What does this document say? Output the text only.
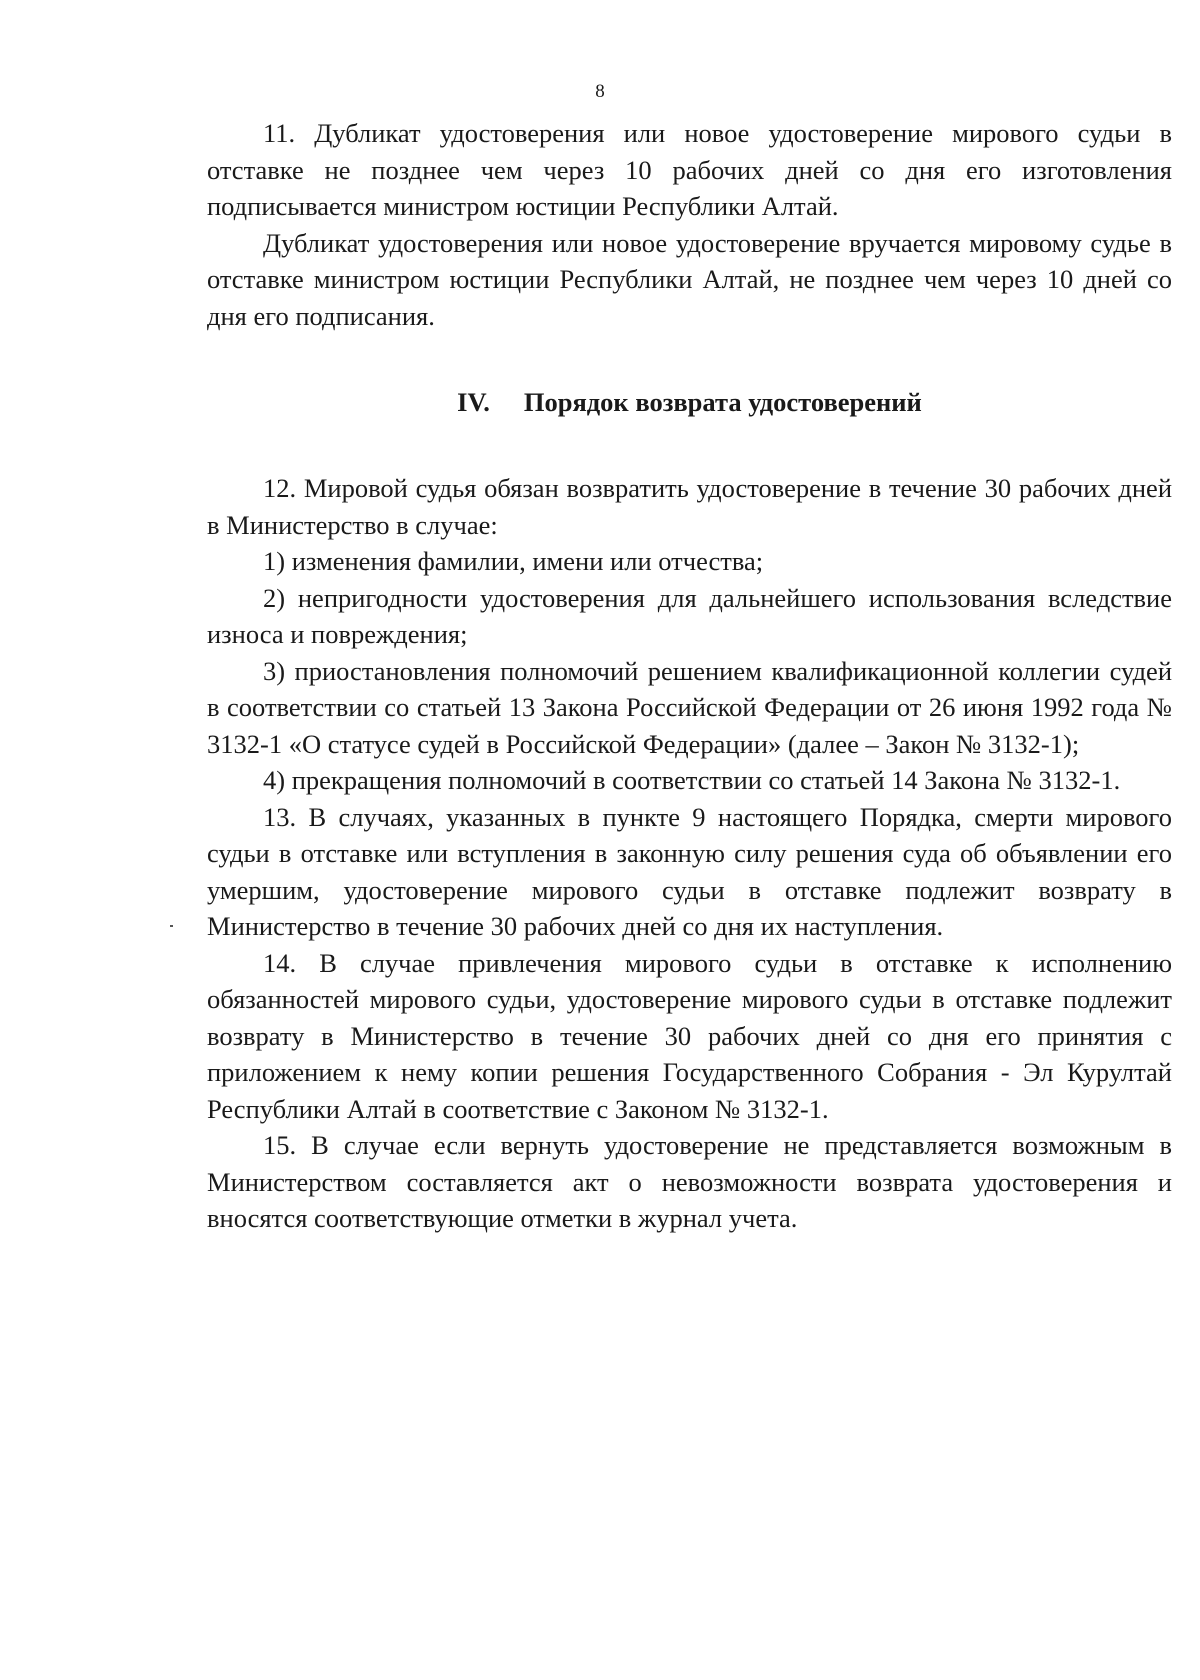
8

11. Дубликат удостоверения или новое удостоверение мирового судьи в отставке не позднее чем через 10 рабочих дней со дня его изготовления подписывается министром юстиции Республики Алтай.

Дубликат удостоверения или новое удостоверение вручается мировому судье в отставке министром юстиции Республики Алтай, не позднее чем через 10 дней со дня его подписания.

IV. Порядок возврата удостоверений

12. Мировой судья обязан возвратить удостоверение в течение 30 рабочих дней в Министерство в случае:

1) изменения фамилии, имени или отчества;

2) непригодности удостоверения для дальнейшего использования вследствие износа и повреждения;

3) приостановления полномочий решением квалификационной коллегии судей в соответствии со статьей 13 Закона Российской Федерации от 26 июня 1992 года № 3132-1 «О статусе судей в Российской Федерации» (далее – Закон № 3132-1);

4) прекращения полномочий в соответствии со статьей 14 Закона № 3132-1.

13. В случаях, указанных в пункте 9 настоящего Порядка, смерти мирового судьи в отставке или вступления в законную силу решения суда об объявлении его умершим, удостоверение мирового судьи в отставке подлежит возврату в Министерство в течение 30 рабочих дней со дня их наступления.

14. В случае привлечения мирового судьи в отставке к исполнению обязанностей мирового судьи, удостоверение мирового судьи в отставке подлежит возврату в Министерство в течение 30 рабочих дней со дня его принятия с приложением к нему копии решения Государственного Собрания - Эл Курултай Республики Алтай в соответствие с Законом № 3132-1.

15. В случае если вернуть удостоверение не представляется возможным в Министерством составляется акт о невозможности возврата удостоверения и вносятся соответствующие отметки в журнал учета.
